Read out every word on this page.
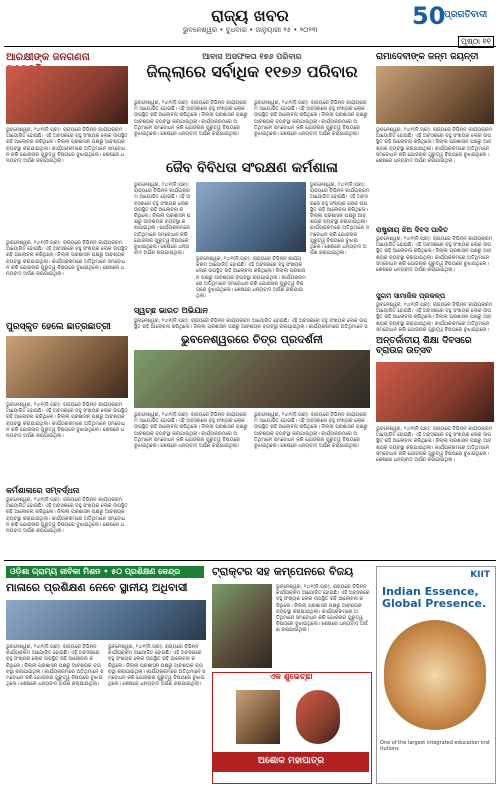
ରାଜ୍ୟ ଖବର
ଭୁବନେଶ୍ୱର • ବୁଧବାର • ଜାନୁୟାରୀ ୨୫ • ୨୦୨୩	50
ପ୍ରଗତିବାଦୀ
ପୃଷ୍ଠା ୧୧
ଆରକ୍ଷୀଙ୍କ ଜନଗଣନା
ଭୁବନେଶ୍ୱର, ୨୪ା୧(ନି.ପ୍ର): ରାଜ୍ୟରେ ବିଭିନ୍ନ କାର୍ଯ୍ୟକ୍ରମ ଆୟୋଜିତ ହୋଇଛି। ଏହି ଅବସରରେ ବହୁ ସଂଖ୍ୟକ ଲୋକ ଉପସ୍ଥିତ ରହି ଆଲୋଚନା କରିଥିଲେ। ଜିଲ୍ଲା ପ୍ରଶାସନ ପକ୍ଷରୁ ଆବଶ୍ୟକ ବ୍ୟବସ୍ଥା କରାଯାଇଥିଲା। କାର୍ଯ୍ୟକ୍ରମରେ ଅତିଥିମାନେ ସମ୍ବୋଧନ କରି ଯୋଜନାର ଗୁରୁତ୍ୱ ବିଷୟରେ ବୁଝାଇଥିଲେ। ଶେଷରେ ଧନ୍ୟବାଦ ଅର୍ପଣ କରାଯାଇଥିଲା।
ଭୁବନେଶ୍ୱର, ୨୪ା୧(ନି.ପ୍ର): ରାଜ୍ୟରେ ବିଭିନ୍ନ କାର୍ଯ୍ୟକ୍ରମ ଆୟୋଜିତ ହୋଇଛି। ଏହି ଅବସରରେ ବହୁ ସଂଖ୍ୟକ ଲୋକ ଉପସ୍ଥିତ ରହି ଆଲୋଚନା କରିଥିଲେ। ଜିଲ୍ଲା ପ୍ରଶାସନ ପକ୍ଷରୁ ଆବଶ୍ୟକ ବ୍ୟବସ୍ଥା କରାଯାଇଥିଲା। କାର୍ଯ୍ୟକ୍ରମରେ ଅତିଥିମାନେ ସମ୍ବୋଧନ କରି ଯୋଜନାର ଗୁରୁତ୍ୱ ବିଷୟରେ ବୁଝାଇଥିଲେ। ଶେଷରେ ଧନ୍ୟବାଦ ଅର୍ପଣ କରାଯାଇଥିଲା।
ଆବାସ ଅସଫଳତା ୧୭୬ ପରିବାର
ଜିଲ୍ଲାରେ ସର୍ବାଧିକ ୧୧୭୬ ପରିବାର
ଭୁବନେଶ୍ୱର, ୨୪ା୧(ନି.ପ୍ର): ରାଜ୍ୟରେ ବିଭିନ୍ନ କାର୍ଯ୍ୟକ୍ରମ ଆୟୋଜିତ ହୋଇଛି। ଏହି ଅବସରରେ ବହୁ ସଂଖ୍ୟକ ଲୋକ ଉପସ୍ଥିତ ରହି ଆଲୋଚନା କରିଥିଲେ। ଜିଲ୍ଲା ପ୍ରଶାସନ ପକ୍ଷରୁ ଆବଶ୍ୟକ ବ୍ୟବସ୍ଥା କରାଯାଇଥିଲା। କାର୍ଯ୍ୟକ୍ରମରେ ଅତିଥିମାନେ ସମ୍ବୋଧନ କରି ଯୋଜନାର ଗୁରୁତ୍ୱ ବିଷୟରେ ବୁଝାଇଥିଲେ। ଶେଷରେ ଧନ୍ୟବାଦ ଅର୍ପଣ କରାଯାଇଥିଲା।
ଭୁବନେଶ୍ୱର, ୨୪ା୧(ନି.ପ୍ର): ରାଜ୍ୟରେ ବିଭିନ୍ନ କାର୍ଯ୍ୟକ୍ରମ ଆୟୋଜିତ ହୋଇଛି। ଏହି ଅବସରରେ ବହୁ ସଂଖ୍ୟକ ଲୋକ ଉପସ୍ଥିତ ରହି ଆଲୋଚନା କରିଥିଲେ। ଜିଲ୍ଲା ପ୍ରଶାସନ ପକ୍ଷରୁ ଆବଶ୍ୟକ ବ୍ୟବସ୍ଥା କରାଯାଇଥିଲା। କାର୍ଯ୍ୟକ୍ରମରେ ଅତିଥିମାନେ ସମ୍ବୋଧନ କରି ଯୋଜନାର ଗୁରୁତ୍ୱ ବିଷୟରେ ବୁଝାଇଥିଲେ। ଶେଷରେ ଧନ୍ୟବାଦ ଅର୍ପଣ କରାଯାଇଥିଲା।
ରାମାଦେବୀଙ୍କ ଜନ୍ମ ଜୟନ୍ତୀ
ଭୁବନେଶ୍ୱର, ୨୪ା୧(ନି.ପ୍ର): ରାଜ୍ୟରେ ବିଭିନ୍ନ କାର୍ଯ୍ୟକ୍ରମ ଆୟୋଜିତ ହୋଇଛି। ଏହି ଅବସରରେ ବହୁ ସଂଖ୍ୟକ ଲୋକ ଉପସ୍ଥିତ ରହି ଆଲୋଚନା କରିଥିଲେ। ଜିଲ୍ଲା ପ୍ରଶାସନ ପକ୍ଷରୁ ଆବଶ୍ୟକ ବ୍ୟବସ୍ଥା କରାଯାଇଥିଲା। କାର୍ଯ୍ୟକ୍ରମରେ ଅତିଥିମାନେ ସମ୍ବୋଧନ କରି ଯୋଜନାର ଗୁରୁତ୍ୱ ବିଷୟରେ ବୁଝାଇଥିଲେ। ଶେଷରେ ଧନ୍ୟବାଦ ଅର୍ପଣ କରାଯାଇଥିଲା।
ଜୈବ ବିବିଧତା ସଂରକ୍ଷଣ କର୍ମଶାଳା
ଭୁବନେଶ୍ୱର, ୨୪ା୧(ନି.ପ୍ର): ରାଜ୍ୟରେ ବିଭିନ୍ନ କାର୍ଯ୍ୟକ୍ରମ ଆୟୋଜିତ ହୋଇଛି। ଏହି ଅବସରରେ ବହୁ ସଂଖ୍ୟକ ଲୋକ ଉପସ୍ଥିତ ରହି ଆଲୋଚନା କରିଥିଲେ। ଜିଲ୍ଲା ପ୍ରଶାସନ ପକ୍ଷରୁ ଆବଶ୍ୟକ ବ୍ୟବସ୍ଥା କରାଯାଇଥିଲା। କାର୍ଯ୍ୟକ୍ରମରେ ଅତିଥିମାନେ ସମ୍ବୋଧନ କରି ଯୋଜନାର ଗୁରୁତ୍ୱ ବିଷୟରେ ବୁଝାଇଥିଲେ। ଶେଷରେ ଧନ୍ୟବାଦ ଅର୍ପଣ କରାଯାଇଥିଲା।
ଭୁବନେଶ୍ୱର, ୨୪ା୧(ନି.ପ୍ର): ରାଜ୍ୟରେ ବିଭିନ୍ନ କାର୍ଯ୍ୟକ୍ରମ ଆୟୋଜିତ ହୋଇଛି। ଏହି ଅବସରରେ ବହୁ ସଂଖ୍ୟକ ଲୋକ ଉପସ୍ଥିତ ରହି ଆଲୋଚନା କରିଥିଲେ। ଜିଲ୍ଲା ପ୍ରଶାସନ ପକ୍ଷରୁ ଆବଶ୍ୟକ ବ୍ୟବସ୍ଥା କରାଯାଇଥିଲା। କାର୍ଯ୍ୟକ୍ରମରେ ଅତିଥିମାନେ ସମ୍ବୋଧନ କରି ଯୋଜନାର ଗୁରୁତ୍ୱ ବିଷୟରେ ବୁଝାଇଥିଲେ। ଶେଷରେ ଧନ୍ୟବାଦ ଅର୍ପଣ କରାଯାଇଥିଲା।
ଭୁବନେଶ୍ୱର, ୨୪ା୧(ନି.ପ୍ର): ରାଜ୍ୟରେ ବିଭିନ୍ନ କାର୍ଯ୍ୟକ୍ରମ ଆୟୋଜିତ ହୋଇଛି। ଏହି ଅବସରରେ ବହୁ ସଂଖ୍ୟକ ଲୋକ ଉପସ୍ଥିତ ରହି ଆଲୋଚନା କରିଥିଲେ। ଜିଲ୍ଲା ପ୍ରଶାସନ ପକ୍ଷରୁ ଆବଶ୍ୟକ ବ୍ୟବସ୍ଥା କରାଯାଇଥିଲା। କାର୍ଯ୍ୟକ୍ରମରେ ଅତିଥିମାନେ ସମ୍ବୋଧନ କରି ଯୋଜନାର ଗୁରୁତ୍ୱ ବିଷୟରେ ବୁଝାଇଥିଲେ। ଶେଷରେ ଧନ୍ୟବାଦ ଅର୍ପଣ କରାଯାଇଥିଲା।
ରାଷ୍ଟ୍ରୀୟ ଝିଅ ଦିବସ ପାଳିତ
ଭୁବନେଶ୍ୱର, ୨୪ା୧(ନି.ପ୍ର): ରାଜ୍ୟରେ ବିଭିନ୍ନ କାର୍ଯ୍ୟକ୍ରମ ଆୟୋଜିତ ହୋଇଛି। ଏହି ଅବସରରେ ବହୁ ସଂଖ୍ୟକ ଲୋକ ଉପସ୍ଥିତ ରହି ଆଲୋଚନା କରିଥିଲେ। ଜିଲ୍ଲା ପ୍ରଶାସନ ପକ୍ଷରୁ ଆବଶ୍ୟକ ବ୍ୟବସ୍ଥା କରାଯାଇଥିଲା। କାର୍ଯ୍ୟକ୍ରମରେ ଅତିଥିମାନେ ସମ୍ବୋଧନ କରି ଯୋଜନାର ଗୁରୁତ୍ୱ ବିଷୟରେ ବୁଝାଇଥିଲେ। ଶେଷରେ ଧନ୍ୟବାଦ ଅର୍ପଣ କରାଯାଇଥିଲା।
ସୁଗମ ସାମାଜିକ ପ୍ରକଳ୍ପ
ଭୁବନେଶ୍ୱର, ୨୪ା୧(ନି.ପ୍ର): ରାଜ୍ୟରେ ବିଭିନ୍ନ କାର୍ଯ୍ୟକ୍ରମ ଆୟୋଜିତ ହୋଇଛି। ଏହି ଅବସରରେ ବହୁ ସଂଖ୍ୟକ ଲୋକ ଉପସ୍ଥିତ ରହି ଆଲୋଚନା କରିଥିଲେ। ଜିଲ୍ଲା ପ୍ରଶାସନ ପକ୍ଷରୁ ଆବଶ୍ୟକ ବ୍ୟବସ୍ଥା କରାଯାଇଥିଲା। କାର୍ଯ୍ୟକ୍ରମରେ ଅତିଥିମାନେ ସମ୍ବୋଧନ କରି ଯୋଜନାର ଗୁରୁତ୍ୱ ବିଷୟରେ ବୁଝାଇଥିଲେ।
ସ୍ୱଚ୍ଛ ଭାରତ ଅଭିଯାନ
ଭୁବନେଶ୍ୱର, ୨୪ା୧(ନି.ପ୍ର): ରାଜ୍ୟରେ ବିଭିନ୍ନ କାର୍ଯ୍ୟକ୍ରମ ଆୟୋଜିତ ହୋଇଛି। ଏହି ଅବସରରେ ବହୁ ସଂଖ୍ୟକ ଲୋକ ଉପସ୍ଥିତ ରହି ଆଲୋଚନା କରିଥିଲେ। ଜିଲ୍ଲା ପ୍ରଶାସନ ପକ୍ଷରୁ ଆବଶ୍ୟକ ବ୍ୟବସ୍ଥା କରାଯାଇଥିଲା। କାର୍ଯ୍ୟକ୍ରମରେ ଅତିଥିମାନେ ସ
ଭୁବନେଶ୍ୱରରେ ଚିତ୍ର ପ୍ରଦର୍ଶନୀ
ପୁରସ୍କୃତ ହେଲେ ଛାତ୍ରଛାତ୍ରୀ
ଭୁବନେଶ୍ୱର, ୨୪ା୧(ନି.ପ୍ର): ରାଜ୍ୟରେ ବିଭିନ୍ନ କାର୍ଯ୍ୟକ୍ରମ ଆୟୋଜିତ ହୋଇଛି। ଏହି ଅବସରରେ ବହୁ ସଂଖ୍ୟକ ଲୋକ ଉପସ୍ଥିତ ରହି ଆଲୋଚନା କରିଥିଲେ। ଜିଲ୍ଲା ପ୍ରଶାସନ ପକ୍ଷରୁ ଆବଶ୍ୟକ ବ୍ୟବସ୍ଥା କରାଯାଇଥିଲା। କାର୍ଯ୍ୟକ୍ରମରେ ଅତିଥିମାନେ ସମ୍ବୋଧନ କରି ଯୋଜନାର ଗୁରୁତ୍ୱ ବିଷୟରେ ବୁଝାଇଥିଲେ। ଶେଷରେ ଧନ୍ୟବାଦ ଅର୍ପଣ କରାଯାଇଥିଲା।
କର୍ମଶାଳାରେ ସମ୍ବର୍ଦ୍ଧନା
ଭୁବନେଶ୍ୱର, ୨୪ା୧(ନି.ପ୍ର): ରାଜ୍ୟରେ ବିଭିନ୍ନ କାର୍ଯ୍ୟକ୍ରମ ଆୟୋଜିତ ହୋଇଛି। ଏହି ଅବସରରେ ବହୁ ସଂଖ୍ୟକ ଲୋକ ଉପସ୍ଥିତ ରହି ଆଲୋଚନା କରିଥିଲେ। ଜିଲ୍ଲା ପ୍ରଶାସନ ପକ୍ଷରୁ ଆବଶ୍ୟକ ବ୍ୟବସ୍ଥା କରାଯାଇଥିଲା। କାର୍ଯ୍ୟକ୍ରମରେ ଅତିଥିମାନେ ସମ୍ବୋଧନ କରି ଯୋଜନାର ଗୁରୁତ୍ୱ ବିଷୟରେ ବୁଝାଇଥିଲେ। ଶେଷରେ ଧନ୍ୟବାଦ ଅର୍ପଣ କରାଯାଇଥିଲା।
ଭୁବନେଶ୍ୱର, ୨୪ା୧(ନି.ପ୍ର): ରାଜ୍ୟରେ ବିଭିନ୍ନ କାର୍ଯ୍ୟକ୍ରମ ଆୟୋଜିତ ହୋଇଛି। ଏହି ଅବସରରେ ବହୁ ସଂଖ୍ୟକ ଲୋକ ଉପସ୍ଥିତ ରହି ଆଲୋଚନା କରିଥିଲେ। ଜିଲ୍ଲା ପ୍ରଶାସନ ପକ୍ଷରୁ ଆବଶ୍ୟକ ବ୍ୟବସ୍ଥା କରାଯାଇଥିଲା। କାର୍ଯ୍ୟକ୍ରମରେ ଅତିଥିମାନେ ସମ୍ବୋଧନ କରି ଯୋଜନାର ଗୁରୁତ୍ୱ ବିଷୟରେ ବୁଝାଇଥିଲେ। ଶେଷରେ ଧନ୍ୟବାଦ ଅର୍ପଣ କରାଯାଇଥିଲା।
ଭୁବନେଶ୍ୱର, ୨୪ା୧(ନି.ପ୍ର): ରାଜ୍ୟରେ ବିଭିନ୍ନ କାର୍ଯ୍ୟକ୍ରମ ଆୟୋଜିତ ହୋଇଛି। ଏହି ଅବସରରେ ବହୁ ସଂଖ୍ୟକ ଲୋକ ଉପସ୍ଥିତ ରହି ଆଲୋଚନା କରିଥିଲେ। ଜିଲ୍ଲା ପ୍ରଶାସନ ପକ୍ଷରୁ ଆବଶ୍ୟକ ବ୍ୟବସ୍ଥା କରାଯାଇଥିଲା। କାର୍ଯ୍ୟକ୍ରମରେ ଅତିଥିମାନେ ସମ୍ବୋଧନ କରି ଯୋଜନାର ଗୁରୁତ୍ୱ ବିଷୟରେ ବୁଝାଇଥିଲେ। ଶେଷରେ ଧନ୍ୟବାଦ ଅର୍ପଣ କରାଯାଇଥିଲା।
ଅନ୍ତର୍ଜାତୀୟ ଶିକ୍ଷା ଦିବସରେ ବ୍ରାଉଜ ଉତ୍ସବ
ଭୁବନେଶ୍ୱର, ୨୪ା୧(ନି.ପ୍ର): ରାଜ୍ୟରେ ବିଭିନ୍ନ କାର୍ଯ୍ୟକ୍ରମ ଆୟୋଜିତ ହୋଇଛି। ଏହି ଅବସରରେ ବହୁ ସଂଖ୍ୟକ ଲୋକ ଉପସ୍ଥିତ ରହି ଆଲୋଚନା କରିଥିଲେ। ଜିଲ୍ଲା ପ୍ରଶାସନ ପକ୍ଷରୁ ଆବଶ୍ୟକ ବ୍ୟବସ୍ଥା କରାଯାଇଥିଲା। କାର୍ଯ୍ୟକ୍ରମରେ ଅତିଥିମାନେ ସମ୍ବୋଧନ କରି ଯୋଜନାର ଗୁରୁତ୍ୱ ବିଷୟରେ ବୁଝାଇଥିଲେ। ଶେଷରେ ଧନ୍ୟବାଦ ଅର୍ପଣ କରାଯାଇଥିଲା।
ଓଡ଼ିଶା ଗ୍ରାମ୍ୟ ଜୀବିକା ମିଶନ • ୫୦ ପ୍ରଶିକ୍ଷଣ କେନ୍ଦ୍ର
ମାଳାରେ ପ୍ରଶିକ୍ଷଣ ନେବେ ସ୍ଥାନୀୟ ଅଧିବାସୀ
ଭୁବନେଶ୍ୱର, ୨୪ା୧(ନି.ପ୍ର): ରାଜ୍ୟରେ ବିଭିନ୍ନ କାର୍ଯ୍ୟକ୍ରମ ଆୟୋଜିତ ହୋଇଛି। ଏହି ଅବସରରେ ବହୁ ସଂଖ୍ୟକ ଲୋକ ଉପସ୍ଥିତ ରହି ଆଲୋଚନା କରିଥିଲେ। ଜିଲ୍ଲା ପ୍ରଶାସନ ପକ୍ଷରୁ ଆବଶ୍ୟକ ବ୍ୟବସ୍ଥା କରାଯାଇଥିଲା। କାର୍ଯ୍ୟକ୍ରମରେ ଅତିଥିମାନେ ସମ୍ବୋଧନ କରି ଯୋଜନାର ଗୁରୁତ୍ୱ ବିଷୟରେ ବୁଝାଇଥିଲେ। ଶେଷରେ ଧନ୍ୟବାଦ ଅର୍ପଣ କରାଯାଇଥିଲା।
ଭୁବନେଶ୍ୱର, ୨୪ା୧(ନି.ପ୍ର): ରାଜ୍ୟରେ ବିଭିନ୍ନ କାର୍ଯ୍ୟକ୍ରମ ଆୟୋଜିତ ହୋଇଛି। ଏହି ଅବସରରେ ବହୁ ସଂଖ୍ୟକ ଲୋକ ଉପସ୍ଥିତ ରହି ଆଲୋଚନା କରିଥିଲେ। ଜିଲ୍ଲା ପ୍ରଶାସନ ପକ୍ଷରୁ ଆବଶ୍ୟକ ବ୍ୟବସ୍ଥା କରାଯାଇଥିଲା। କାର୍ଯ୍ୟକ୍ରମରେ ଅତିଥିମାନେ ସମ୍ବୋଧନ କରି ଯୋଜନାର ଗୁରୁତ୍ୱ ବିଷୟରେ ବୁଝାଇଥିଲେ। ଶେଷରେ ଧନ୍ୟବାଦ ଅର୍ପଣ କରାଯାଇଥିଲା।
ଟ୍ରାକ୍ଟର ସହ କମ୍ପେନରେ ବିଜୟ
ଭୁବନେଶ୍ୱର, ୨୪ା୧(ନି.ପ୍ର): ରାଜ୍ୟରେ ବିଭିନ୍ନ କାର୍ଯ୍ୟକ୍ରମ ଆୟୋଜିତ ହୋଇଛି। ଏହି ଅବସରରେ ବହୁ ସଂଖ୍ୟକ ଲୋକ ଉପସ୍ଥିତ ରହି ଆଲୋଚନା କରିଥିଲେ। ଜିଲ୍ଲା ପ୍ରଶାସନ ପକ୍ଷରୁ ଆବଶ୍ୟକ ବ୍ୟବସ୍ଥା କରାଯାଇଥିଲା। କାର୍ଯ୍ୟକ୍ରମରେ ଅତିଥିମାନେ ସମ୍ବୋଧନ କରି ଯୋଜନାର ଗୁରୁତ୍ୱ ବିଷୟରେ ବୁଝାଇଥିଲେ। ଶେଷରେ ଧନ୍ୟବାଦ ଅର୍ପଣ କରାଯାଇଥିଲା।
ଏକ ଶୁଭେଚ୍ଛା
ଅଶୋକ ମହାପାତ୍ର
KIIT
Indian Essence, Global Presence.
One of the largest integrated education institutions
